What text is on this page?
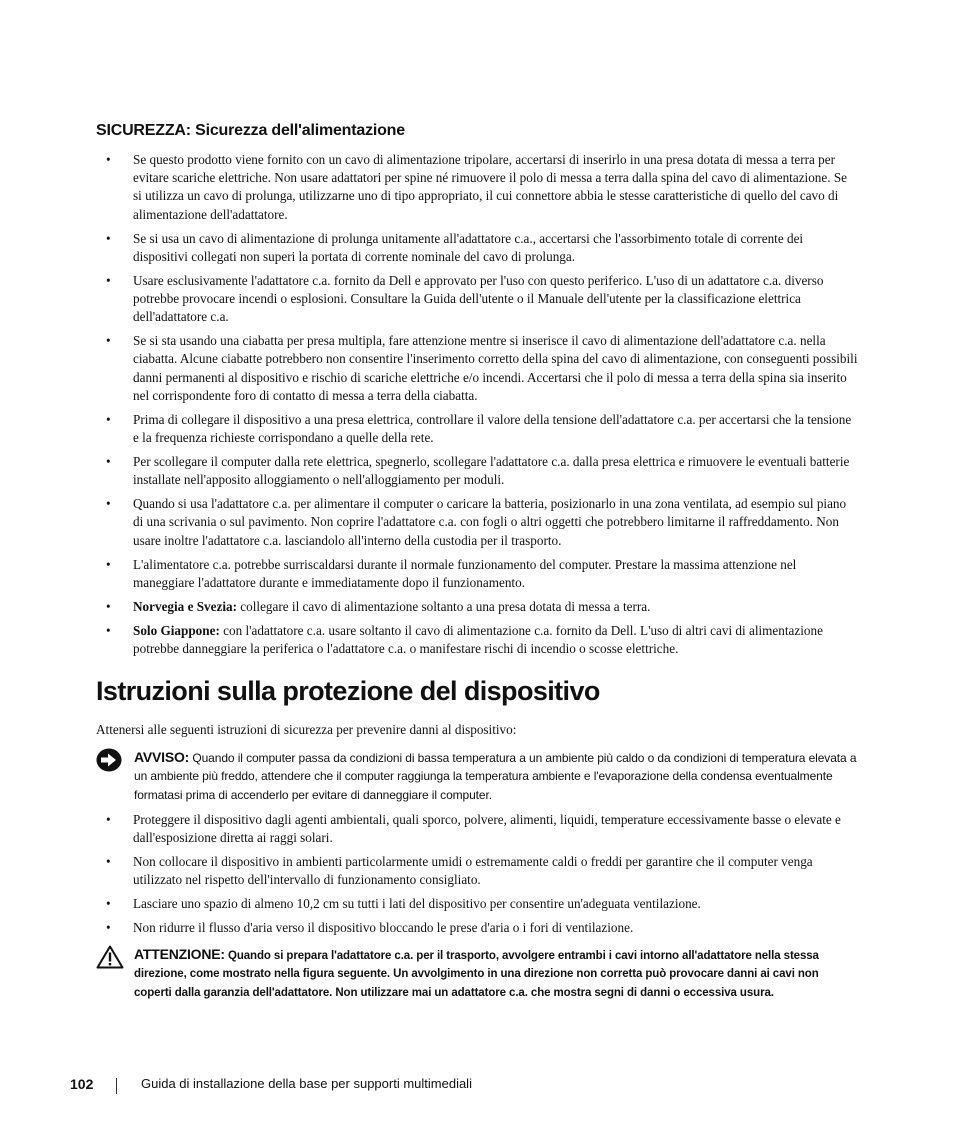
SICUREZZA: Sicurezza dell'alimentazione
• Se questo prodotto viene fornito con un cavo di alimentazione tripolare, accertarsi di inserirlo in una presa dotata di messa a terra per evitare scariche elettriche. Non usare adattatori per spine né rimuovere il polo di messa a terra dalla spina del cavo di alimentazione. Se si utilizza un cavo di prolunga, utilizzarne uno di tipo appropriato, il cui connettore abbia le stesse caratteristiche di quello del cavo di alimentazione dell'adattatore.
• Se si usa un cavo di alimentazione di prolunga unitamente all'adattatore c.a., accertarsi che l'assorbimento totale di corrente dei dispositivi collegati non superi la portata di corrente nominale del cavo di prolunga.
• Usare esclusivamente l'adattatore c.a. fornito da Dell e approvato per l'uso con questo periferico. L'uso di un adattatore c.a. diverso potrebbe provocare incendi o esplosioni. Consultare la Guida dell'utente o il Manuale dell'utente per la classificazione elettrica dell'adattatore c.a.
• Se si sta usando una ciabatta per presa multipla, fare attenzione mentre si inserisce il cavo di alimentazione dell'adattatore c.a. nella ciabatta. Alcune ciabatte potrebbero non consentire l'inserimento corretto della spina del cavo di alimentazione, con conseguenti possibili danni permanenti al dispositivo e rischio di scariche elettriche e/o incendi. Accertarsi che il polo di messa a terra della spina sia inserito nel corrispondente foro di contatto di messa a terra della ciabatta.
• Prima di collegare il dispositivo a una presa elettrica, controllare il valore della tensione dell'adattatore c.a. per accertarsi che la tensione e la frequenza richieste corrispondano a quelle della rete.
• Per scollegare il computer dalla rete elettrica, spegnerlo, scollegare l'adattatore c.a. dalla presa elettrica e rimuovere le eventuali batterie installate nell'apposito alloggiamento o nell'alloggiamento per moduli.
• Quando si usa l'adattatore c.a. per alimentare il computer o caricare la batteria, posizionarlo in una zona ventilata, ad esempio sul piano di una scrivania o sul pavimento. Non coprire l'adattatore c.a. con fogli o altri oggetti che potrebbero limitarne il raffreddamento. Non usare inoltre l'adattatore c.a. lasciandolo all'interno della custodia per il trasporto.
• L'alimentatore c.a. potrebbe surriscaldarsi durante il normale funzionamento del computer. Prestare la massima attenzione nel maneggiare l'adattatore durante e immediatamente dopo il funzionamento.
• Norvegia e Svezia: collegare il cavo di alimentazione soltanto a una presa dotata di messa a terra.
• Solo Giappone: con l'adattatore c.a. usare soltanto il cavo di alimentazione c.a. fornito da Dell. L'uso di altri cavi di alimentazione potrebbe danneggiare la periferica o l'adattatore c.a. o manifestare rischi di incendio o scosse elettriche.
Istruzioni sulla protezione del dispositivo
Attenersi alle seguenti istruzioni di sicurezza per prevenire danni al dispositivo:
AVVISO: Quando il computer passa da condizioni di bassa temperatura a un ambiente più caldo o da condizioni di temperatura elevata a un ambiente più freddo, attendere che il computer raggiunga la temperatura ambiente e l'evaporazione della condensa eventualmente formatasi prima di accenderlo per evitare di danneggiare il computer.
• Proteggere il dispositivo dagli agenti ambientali, quali sporco, polvere, alimenti, liquidi, temperature eccessivamente basse o elevate e dall'esposizione diretta ai raggi solari.
• Non collocare il dispositivo in ambienti particolarmente umidi o estremamente caldi o freddi per garantire che il computer venga utilizzato nel rispetto dell'intervallo di funzionamento consigliato.
• Lasciare uno spazio di almeno 10,2 cm su tutti i lati del dispositivo per consentire un'adeguata ventilazione.
• Non ridurre il flusso d'aria verso il dispositivo bloccando le prese d'aria o i fori di ventilazione.
ATTENZIONE: Quando si prepara l'adattatore c.a. per il trasporto, avvolgere entrambi i cavi intorno all'adattatore nella stessa direzione, come mostrato nella figura seguente. Un avvolgimento in una direzione non corretta può provocare danni ai cavi non coperti dalla garanzia dell'adattatore. Non utilizzare mai un adattatore c.a. che mostra segni di danni o eccessiva usura.
102	Guida di installazione della base per supporti multimediali
